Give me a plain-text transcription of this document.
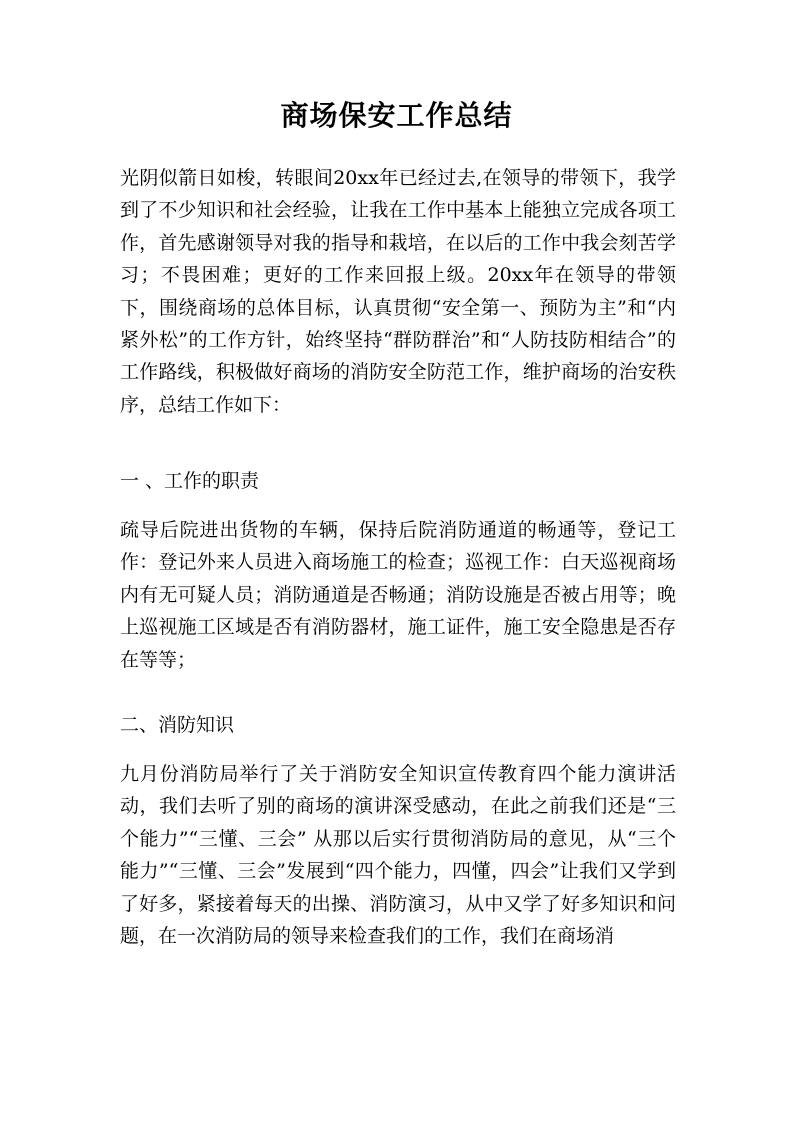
商场保安工作总结

光阴似箭日如梭，转眼间20xx年已经过去,在领导的带领下，我学到了不少知识和社会经验，让我在工作中基本上能独立完成各项工作，首先感谢领导对我的指导和栽培，在以后的工作中我会刻苦学习；不畏困难；更好的工作来回报上级。20xx年在领导的带领下，围绕商场的总体目标，认真贯彻“安全第一、预防为主”和“内紧外松”的工作方针，始终坚持“群防群治”和“人防技防相结合”的工作路线，积极做好商场的消防安全防范工作，维护商场的治安秩序，总结工作如下：

一 、工作的职责

疏导后院进出货物的车辆，保持后院消防通道的畅通等，登记工作：登记外来人员进入商场施工的检查；巡视工作：白天巡视商场内有无可疑人员；消防通道是否畅通；消防设施是否被占用等；晚上巡视施工区域是否有消防器材，施工证件，施工安全隐患是否存在等等；

二、消防知识

九月份消防局举行了关于消防安全知识宣传教育四个能力演讲活动，我们去听了别的商场的演讲深受感动，在此之前我们还是“三个能力”“三懂、三会” 从那以后实行贯彻消防局的意见，从“三个能力”“三懂、三会”发展到“四个能力，四懂，四会”让我们又学到了好多，紧接着每天的出操、消防演习，从中又学了好多知识和问题，在一次消防局的领导来检查我们的工作，我们在商场消
